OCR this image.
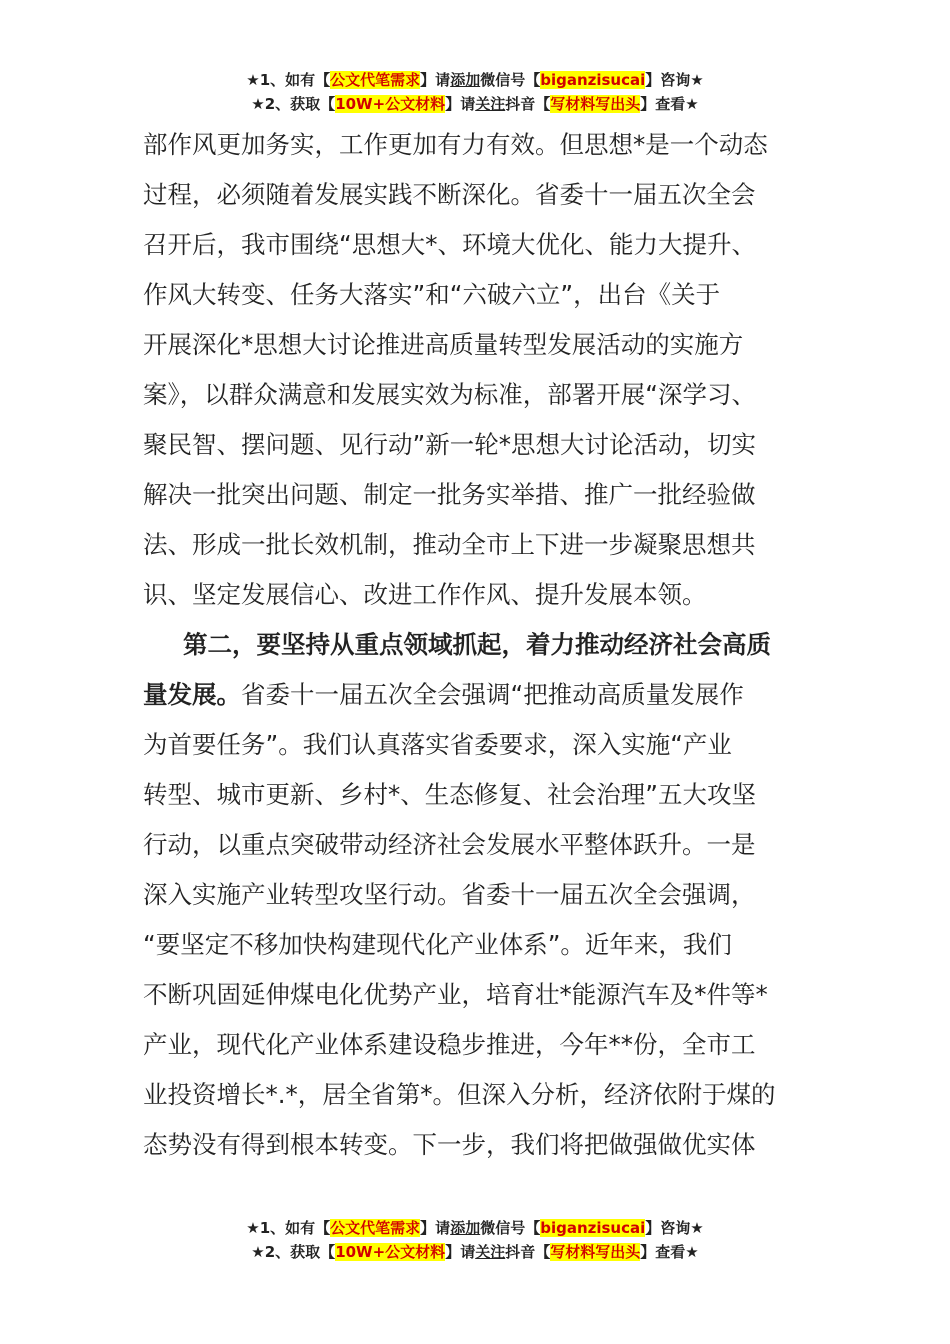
★1、如有【公文代笔需求】请添加微信号【biganzisucai】咨询★
★2、获取【10W+公文材料】请关注抖音【写材料写出头】查看★
部作风更加务实，工作更加有力有效。但思想*是一个动态
过程，必须随着发展实践不断深化。省委十一届五次全会
召开后，我市围绕“思想大*、环境大优化、能力大提升、
作风大转变、任务大落实”和“六破六立”，出台《关于
开展深化*思想大讨论推进高质量转型发展活动的实施方
案》，以群众满意和发展实效为标准，部署开展“深学习、
聚民智、摆问题、见行动”新一轮*思想大讨论活动，切实
解决一批突出问题、制定一批务实举措、推广一批经验做
法、形成一批长效机制，推动全市上下进一步凝聚思想共
识、坚定发展信心、改进工作作风、提升发展本领。
第二，要坚持从重点领域抓起，着力推动经济社会高质
量发展。省委十一届五次全会强调“把推动高质量发展作
为首要任务”。我们认真落实省委要求，深入实施“产业
转型、城市更新、乡村*、生态修复、社会治理”五大攻坚
行动，以重点突破带动经济社会发展水平整体跃升。一是
深入实施产业转型攻坚行动。省委十一届五次全会强调，
“要坚定不移加快构建现代化产业体系”。近年来，我们
不断巩固延伸煤电化优势产业，培育壮*能源汽车及*件等*
产业，现代化产业体系建设稳步推进，今年**份，全市工
业投资增长*.*，居全省第*。但深入分析，经济依附于煤的
态势没有得到根本转变。下一步，我们将把做强做优实体
★1、如有【公文代笔需求】请添加微信号【biganzisucai】咨询★
★2、获取【10W+公文材料】请关注抖音【写材料写出头】查看★
